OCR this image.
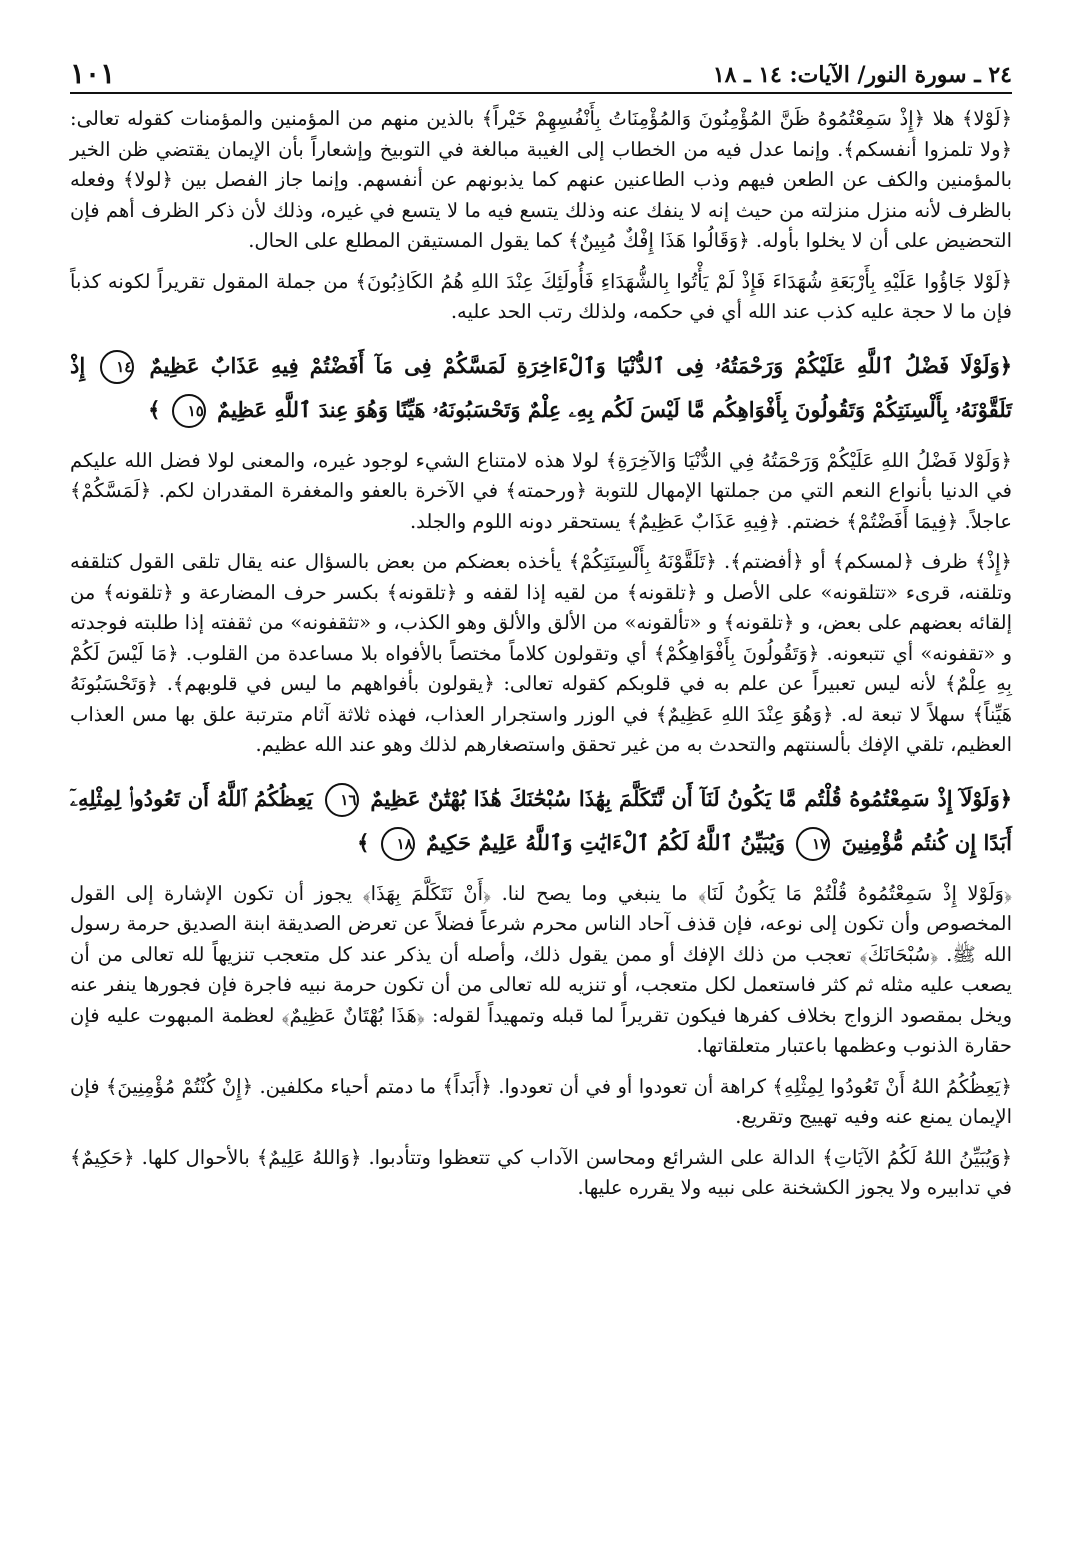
٢٤ ـ سورة النور/ الآيات: ١٤ ـ ١٨
١٠١

﴿لَوْلا﴾ هلا ﴿إِذْ سَمِعْتُمُوهُ ظَنَّ المُؤْمِنُونَ وَالمُؤْمِنَاتُ بِأَنْفُسِهِمْ خَيْراً﴾ بالذين منهم من المؤمنين والمؤمنات كقوله تعالى: ﴿ولا تلمزوا أنفسكم﴾. وإنما عدل فيه من الخطاب إلى الغيبة مبالغة في التوبيخ وإشعاراً بأن الإيمان يقتضي ظن الخير بالمؤمنين والكف عن الطعن فيهم وذب الطاعنين عنهم كما يذبونهم عن أنفسهم. وإنما جاز الفصل بين ﴿لولا﴾ وفعله بالظرف لأنه منزل منزلته من حيث إنه لا ينفك عنه وذلك يتسع فيه ما لا يتسع في غيره، وذلك لأن ذكر الظرف أهم فإن التحضيض على أن لا يخلوا بأوله. ﴿وَقَالُوا هَذَا إِفْكٌ مُبِينٌ﴾ كما يقول المستيقن المطلع على الحال.

﴿لَوْلا جَاؤُوا عَلَيْهِ بِأَرْبَعَةِ شُهَدَاءَ فَإِذْ لَمْ يَأْتُوا بِالشُّهَدَاءِ فَأُولَئِكَ عِنْدَ اللهِ هُمُ الكَاذِبُونَ﴾ من جملة المقول تقريراً لكونه كذباً فإن ما لا حجة عليه كذب عند الله أي في حكمه، ولذلك رتب الحد عليه.

﴿وَلَوْلَا فَضْلُ ٱللَّهِ عَلَيْكُمْ وَرَحْمَتُهُۥ فِى ٱلدُّنْيَا وَٱلْءَاخِرَةِ لَمَسَّكُمْ فِى مَآ أَفَضْتُمْ فِيهِ عَذَابٌ عَظِيمٌ ١٤ إِذْ تَلَقَّوْنَهُۥ بِأَلْسِنَتِكُمْ وَتَقُولُونَ بِأَفْوَاهِكُم مَّا لَيْسَ لَكُم بِهِۦ عِلْمٌ وَتَحْسَبُونَهُۥ هَيِّنًا وَهُوَ عِندَ ٱللَّهِ عَظِيمٌ ١٥ ﴾

﴿وَلَوْلا فَضْلُ اللهِ عَلَيْكُمْ وَرَحْمَتُهُ فِي الدُّنْيَا وَالآخِرَةِ﴾ لولا هذه لامتناع الشيء لوجود غيره، والمعنى لولا فضل الله عليكم في الدنيا بأنواع النعم التي من جملتها الإمهال للتوبة ﴿ورحمته﴾ في الآخرة بالعفو والمغفرة المقدران لكم. ﴿لَمَسَّكُمْ﴾ عاجلاً. ﴿فِيمَا أَفَضْتُمْ﴾ خضتم. ﴿فِيهِ عَذَابٌ عَظِيمٌ﴾ يستحقر دونه اللوم والجلد.

﴿إِذْ﴾ ظرف ﴿لمسكم﴾ أو ﴿أفضتم﴾. ﴿تَلَقَّوْنَهُ بِأَلْسِنَتِكُمْ﴾ يأخذه بعضكم من بعض بالسؤال عنه يقال تلقى القول كتلقفه وتلقنه، قرىء «تتلقونه» على الأصل و ﴿تلقونه﴾ من لقيه إذا لقفه و ﴿تلقونه﴾ بكسر حرف المضارعة و ﴿تلقونه﴾ من إلقائه بعضهم على بعض، و ﴿تلقونه﴾ و «تألقونه» من الألق والألق وهو الكذب، و «تثقفونه» من ثقفته إذا طلبته فوجدته و «تقفونه» أي تتبعونه. ﴿وَتَقُولُونَ بِأَفْوَاهِكُمْ﴾ أي وتقولون كلاماً مختصاً بالأفواه بلا مساعدة من القلوب. ﴿مَا لَيْسَ لَكُمْ بِهِ عِلْمٌ﴾ لأنه ليس تعبيراً عن علم به في قلوبكم كقوله تعالى: ﴿يقولون بأفواههم ما ليس في قلوبهم﴾. ﴿وَتَحْسَبُونَهُ هَيِّناً﴾ سهلاً لا تبعة له. ﴿وَهُوَ عِنْدَ اللهِ عَظِيمٌ﴾ في الوزر واستجرار العذاب، فهذه ثلاثة آثام مترتبة علق بها مس العذاب العظيم، تلقي الإفك بألسنتهم والتحدث به من غير تحقق واستصغارهم لذلك وهو عند الله عظيم.

﴿وَلَوْلَآ إِذْ سَمِعْتُمُوهُ قُلْتُم مَّا يَكُونُ لَنَآ أَن نَّتَكَلَّمَ بِهَٰذَا سُبْحَٰنَكَ هَٰذَا بُهْتَٰنٌ عَظِيمٌ ١٦ يَعِظُكُمُ ٱللَّهُ أَن تَعُودُوا۟ لِمِثْلِهِۦٓ أَبَدًا إِن كُنتُم مُّؤْمِنِينَ ١٧ وَيُبَيِّنُ ٱللَّهُ لَكُمُ ٱلْءَايَٰتِ وَٱللَّهُ عَلِيمٌ حَكِيمٌ ١٨ ﴾

﴿وَلَوْلا إِذْ سَمِعْتُمُوهُ قُلْتُمْ مَا يَكُونُ لَنَا﴾ ما ينبغي وما يصح لنا. ﴿أَنْ نَتَكَلَّمَ بِهَذَا﴾ يجوز أن تكون الإشارة إلى القول المخصوص وأن تكون إلى نوعه، فإن قذف آحاد الناس محرم شرعاً فضلاً عن تعرض الصديقة ابنة الصديق حرمة رسول الله ﷺ. ﴿سُبْحَانَكَ﴾ تعجب من ذلك الإفك أو ممن يقول ذلك، وأصله أن يذكر عند كل متعجب تنزيهاً لله تعالى من أن يصعب عليه مثله ثم كثر فاستعمل لكل متعجب، أو تنزيه لله تعالى من أن تكون حرمة نبيه فاجرة فإن فجورها ينفر عنه ويخل بمقصود الزواج بخلاف كفرها فيكون تقريراً لما قبله وتمهيداً لقوله: ﴿هَذَا بُهْتَانٌ عَظِيمٌ﴾ لعظمة المبهوت عليه فإن حقارة الذنوب وعظمها باعتبار متعلقاتها.

﴿يَعِظُكُمُ اللهُ أَنْ تَعُودُوا لِمِثْلِهِ﴾ كراهة أن تعودوا أو في أن تعودوا. ﴿أَبَداً﴾ ما دمتم أحياء مكلفين. ﴿إِنْ كُنْتُمْ مُؤْمِنِينَ﴾ فإن الإيمان يمنع عنه وفيه تهييج وتقريع.

﴿وَيُبَيِّنُ اللهُ لَكُمُ الآيَاتِ﴾ الدالة على الشرائع ومحاسن الآداب كي تتعظوا وتتأدبوا. ﴿وَاللهُ عَلِيمٌ﴾ بالأحوال كلها. ﴿حَكِيمٌ﴾ في تدابيره ولا يجوز الكشخنة على نبيه ولا يقرره عليها.
